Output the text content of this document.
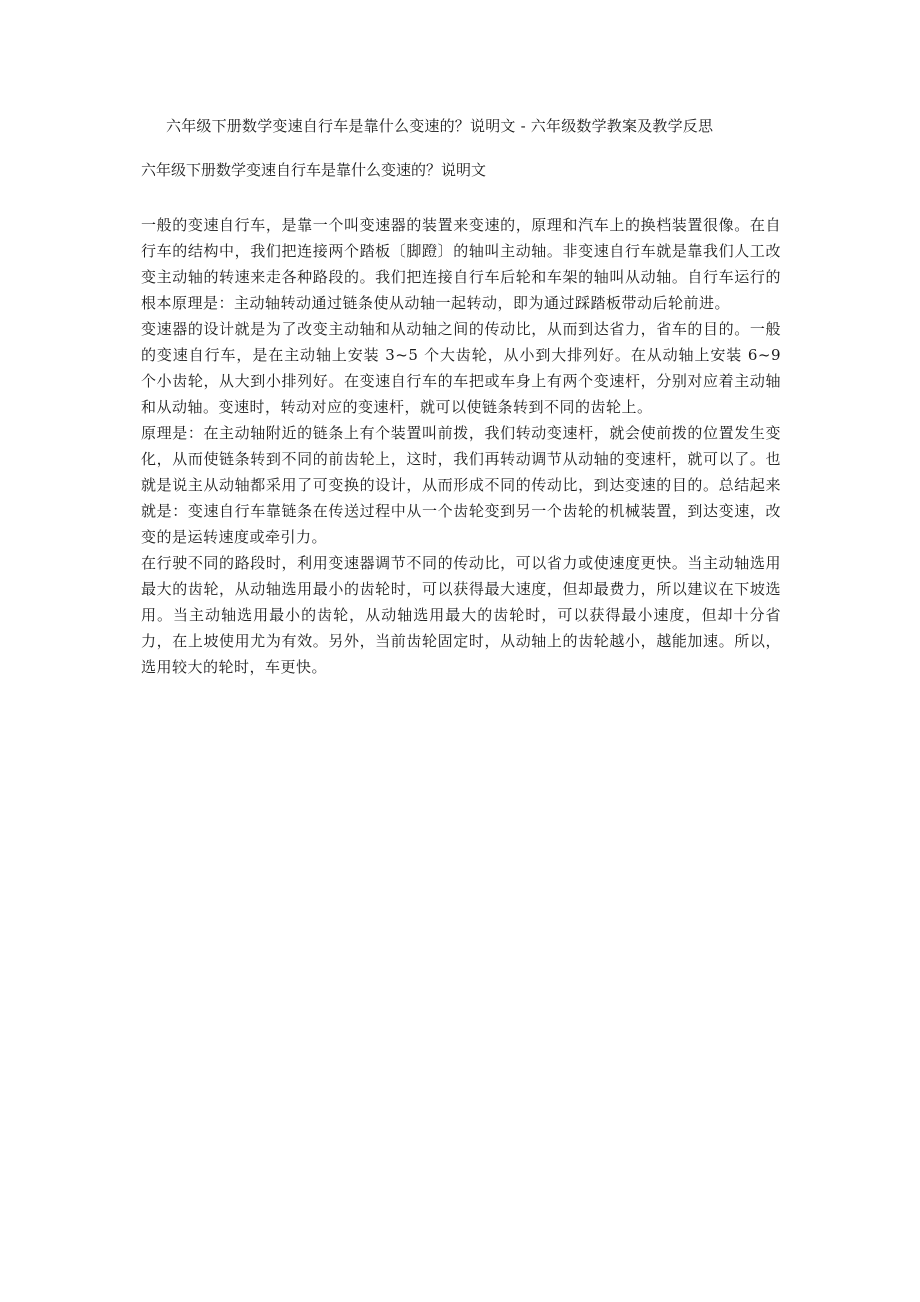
六年级下册数学变速自行车是靠什么变速的？说明文 - 六年级数学教案及教学反思
六年级下册数学变速自行车是靠什么变速的？说明文

一般的变速自行车，是靠一个叫变速器的装置来变速的，原理和汽车上的换档装置很像。在自行车的结构中，我们把连接两个踏板〔脚蹬〕的轴叫主动轴。非变速自行车就是靠我们人工改变主动轴的转速来走各种路段的。我们把连接自行车后轮和车架的轴叫从动轴。自行车运行的根本原理是：主动轴转动通过链条使从动轴一起转动，即为通过踩踏板带动后轮前进。

变速器的设计就是为了改变主动轴和从动轴之间的传动比，从而到达省力，省车的目的。一般的变速自行车，是在主动轴上安装 3~5 个大齿轮，从小到大排列好。在从动轴上安装 6~9 个小齿轮，从大到小排列好。在变速自行车的车把或车身上有两个变速杆，分别对应着主动轴和从动轴。变速时，转动对应的变速杆，就可以使链条转到不同的齿轮上。

原理是：在主动轴附近的链条上有个装置叫前拨，我们转动变速杆，就会使前拨的位置发生变化，从而使链条转到不同的前齿轮上，这时，我们再转动调节从动轴的变速杆，就可以了。也就是说主从动轴都采用了可变换的设计，从而形成不同的传动比，到达变速的目的。总结起来就是：变速自行车靠链条在传送过程中从一个齿轮变到另一个齿轮的机械装置，到达变速，改变的是运转速度或牵引力。

在行驶不同的路段时，利用变速器调节不同的传动比，可以省力或使速度更快。当主动轴选用最大的齿轮，从动轴选用最小的齿轮时，可以获得最大速度，但却最费力，所以建议在下坡选用。当主动轴选用最小的齿轮，从动轴选用最大的齿轮时，可以获得最小速度，但却十分省力，在上坡使用尤为有效。另外，当前齿轮固定时，从动轴上的齿轮越小，越能加速。所以，选用较大的轮时，车更快。
